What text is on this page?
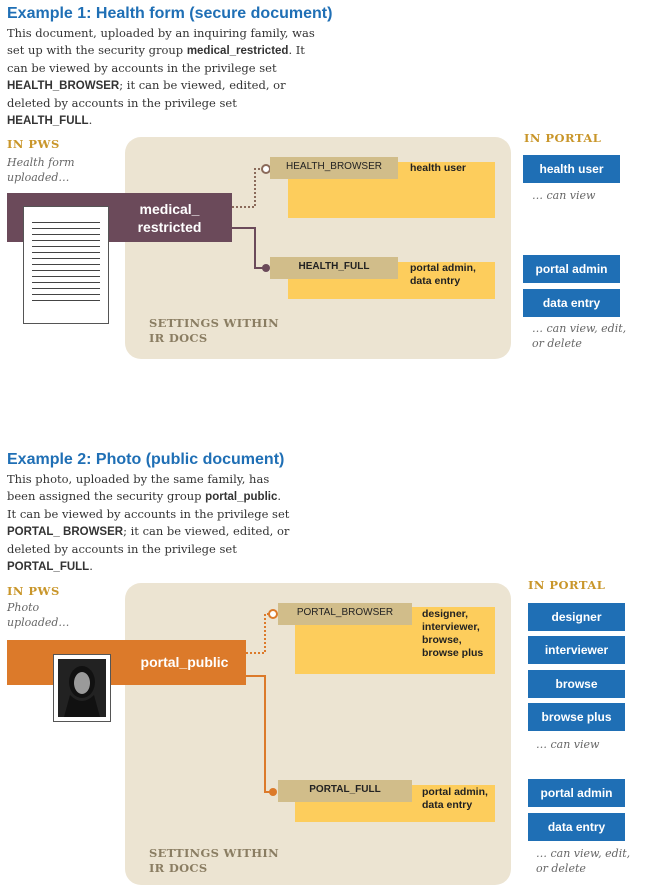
Example 1: Health form (secure document)
This document, uploaded by an inquiring family, was set up with the security group medical_restricted. It can be viewed by accounts in the privilege set HEALTH_BROWSER; it can be viewed, edited, or deleted by accounts in the privilege set HEALTH_FULL.
IN PWS
Health form uploaded…
medical_
restricted
HEALTH_BROWSER	health user
HEALTH_FULL	portal admin,
data entry
SETTINGS WITHIN
IR DOCS
IN PORTAL
health user
… can view
portal admin
data entry
… can view, edit,
or delete
Example 2: Photo (public document)
This photo, uploaded by the same family, has been assigned the security group portal_public. It can be viewed by accounts in the privilege set PORTAL_ BROWSER; it can be viewed, edited, or deleted by accounts in the privilege set PORTAL_FULL.
IN PWS
Photo uploaded…
portal_public
PORTAL_BROWSER	designer,
interviewer,
browse,
browse plus
PORTAL_FULL	portal admin,
data entry
SETTINGS WITHIN
IR DOCS
IN PORTAL
designer
interviewer
browse
browse plus
… can view
portal admin
data entry
… can view, edit,
or delete
